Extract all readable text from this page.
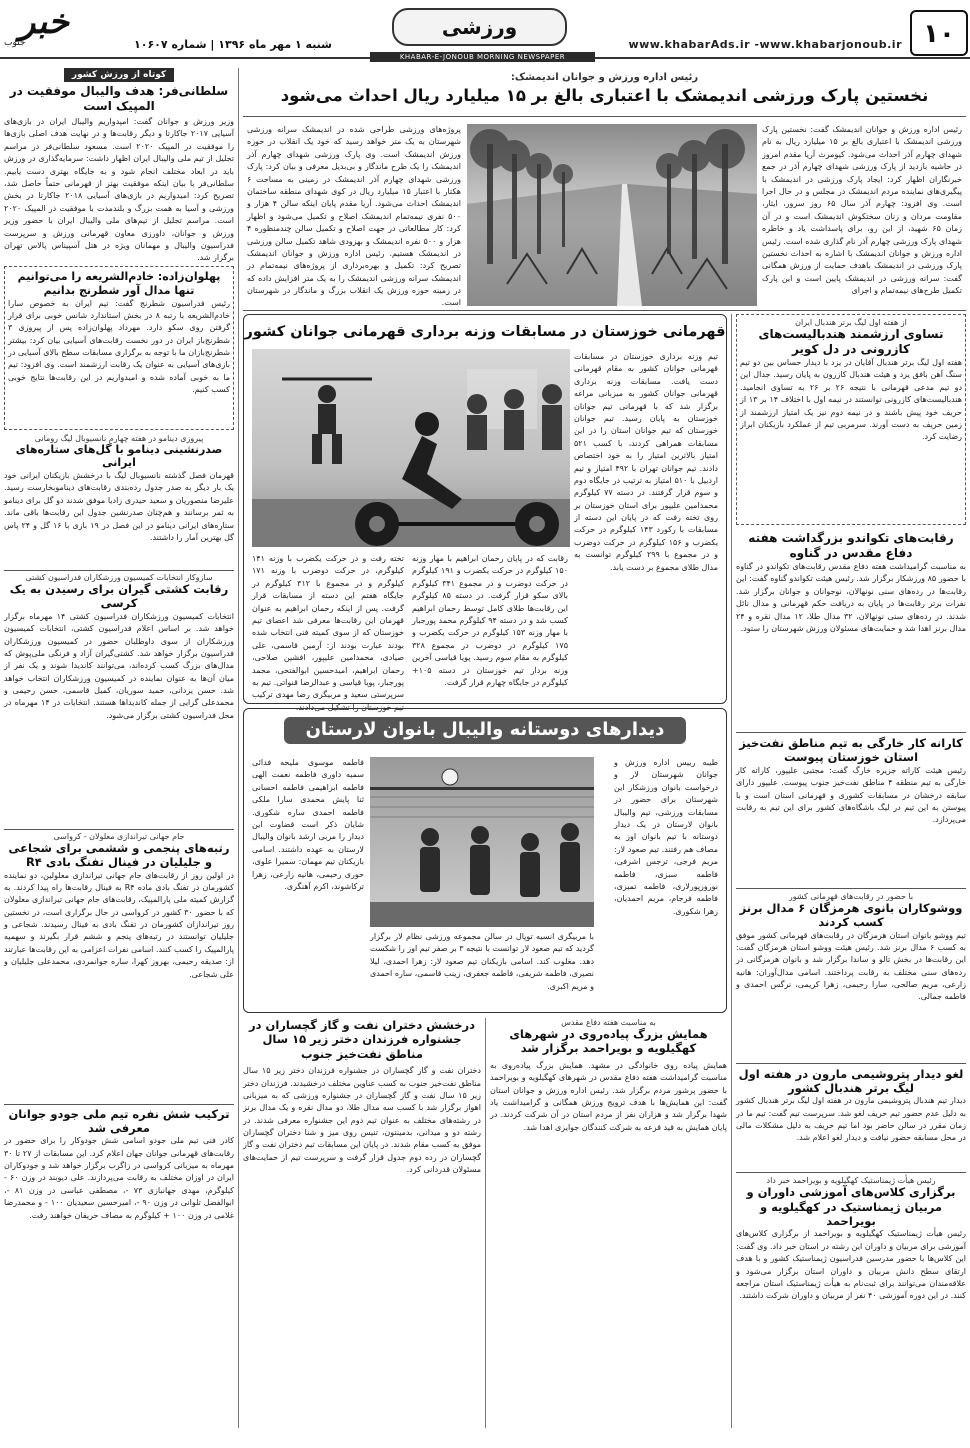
۱۰
www.khabarAds.ir -www.khabarjonoub.ir
ورزشی
خبر
جنوب	شنبه ۱ مهر ماه ۱۳۹۶ | شماره ۱۰۶۰۷
KHABAR-E-JONOUB MORNING NEWSPAPER
رئیس اداره ورزش و جوانان اندیمشک:
نخستین پارک ورزشی اندیمشک با اعتباری بالغ بر ۱۵ میلیارد ریال احداث می‌شود
رئیس اداره ورزش و جوانان اندیمشک گفت: نخستین پارک ورزشی اندیمشک با اعتباری بالغ بر ۱۵ میلیارد ریال به نام شهدای چهارم آذر احداث می‌شود. کیومرث آریا مقدم امروز در حاشیه بازدید از پارک ورزشی شهدای چهارم آذر در جمع خبرنگاران اظهار کرد: ایجاد پارک ورزشی در اندیمشک با پیگیری‌های نماینده مردم اندیمشک در مجلس و در حال اجرا است. وی افزود: چهارم آذر سال ۶۵ روز سرور، ایثار، مقاومت مردان و زنان سختکوش اندیمشک است و در آن زمان ۶۵ شهید، از این رو، برای پاسداشت یاد و خاطره شهدای پارک ورزشی چهارم آذر نام گذاری شده است. رئیس اداره ورزش و جوانان اندیمشک با اشاره به احداث نخستین پارک ورزشی در اندیمشک باهدف حمایت از ورزش همگانی گفت: سرانه ورزشی در اندیمشک پایین است و این پارک تکمیل طرح‌های نیمه‌تمام و اجرای
پروژه‌های ورزشی طراحی شده در اندیمشک سرانه ورزشی شهرستان به یک متر خواهد رسید که خود یک انقلاب در حوزه ورزش اندیمشک است. وی پارک ورزشی شهدای چهارم آذر اندیمشک را یک طرح ماندگار و بی‌بدیل معرفی و بیان کرد: پارک ورزشی شهدای چهارم آذر اندیمشک در زمینی به مساحت ۶ هکتار با اعتبار ۱۵ میلیارد ریال در کوی شهدای منطقه ساختمان اندیمشک احداث می‌شود. آریا مقدم پایان اینکه سالن ۴ هزار و ۵۰۰ نفری نیمه‌تمام اندیمشک اصلاح و تکمیل می‌شود و اظهار کرد: کار مطالعاتی در جهت اصلاح و تکمیل سالن چندمنظوره ۴ هزار و ۵۰۰ نفره اندیمشک و بهزودی شاهد تکمیل سالن ورزشی در اندیمشک هستیم. رئیس اداره ورزش و جوانان اندیمشک تصریح کرد: تکمیل و بهره‌برداری از پروژه‌های نیمه‌تمام در اندیمشک سرانه ورزشی اندیمشک را به یک متر افزایش داده که در زمینه حوزه ورزش یک انقلاب بزرگ و ماندگار در شهرستان است.
کوتاه از ورزش کشور
سلطانی‌فر: هدف والیبال موفقیت در المپیک است
وزیر ورزش و جوانان گفت: امپدواریم والیبال ایران در بازی‌های آسیایی ۲۰۱۷ جاکارتا و دیگر رقابت‌ها و در نهایت هدف اصلی بازی‌ها را موفقیت در المپیک ۲۰۲۰ است. مسعود سلطانی‌فر در مراسم تجلیل از تیم ملی والیبال ایران اظهار داشت: سرمایه‌گذاری در ورزش باید در ابعاد مختلف انجام شود و به جایگاه بهتری دست یابیم. سلطانی‌فر با بیان اینکه موفقیت بهتر از قهرمانی حتماً حاصل شد، تصریح کرد: امیدواریم در بازی‌های آسیایی ۲۰۱۸ جاکارتا در بخش ورزشی و آسیا به همت بزرگ و بلندمدت با موفقیت در المپیک ۲۰۲۰ است. مراسم تجلیل از تیم‌های ملی والیبال ایران با حضور وزیر ورزش و جوانان، داورزی معاون قهرمانی ورزش و سرپرست فدراسیون والیبال و مهمانان ویژه در هتل آسپیناس پالاس تهران برگزار شد.
پهلوان‌زاده: خادم‌الشریعه را می‌توانیم تنها مدال آور شطرنج بدانیم
رئیس فدراسیون شطرنج گفت: تیم ایران به خصوص سارا خادم‌الشریعه با رتبه ۸ در بخش استاندارد شانس خوبی برای قرار گرفتن روی سکو دارد. مهرداد پهلوان‌زاده پس از پیروزی ۳ شطرنج‌باز ایران در دور نخست رقابت‌های آسیایی بیان کرد: بیشتر شطرنج‌بازان ما با توجه به برگزاری مسابقات سطح بالای آسیایی در بازی‌های آسیایی به عنوان یک رقابت ارزشمند است. وی افزود: تیم ما به خوبی آماده شده و امیدواریم در این رقابت‌ها نتایج خوبی کسب کنیم.
پیروزی دینامو در هفته چهارم نانسیوبال لیگ رومانی
صدرنشینی دینامو با گل‌های ستاره‌های ایرانی
قهرمان فصل گذشته نانسیوبال لیگ با درخشش بازیکنان ایرانی خود یک بار دیگر به صدر جدول رده‌بندی رقابت‌های دیناموبخارست رسید. علیرضا منصوریان و سعید حیدری زادیا موفق شدند دو گل برای دینامو به ثمر برسانند و هم‌چنان صدرنشین جدول این رقابت‌ها باقی ماند. ستاره‌های ایرانی دینامو در این فصل در ۱۹ بازی با ۱۶ گل و ۲۴ پاس گل بهترین آمار را داشتند.
سازوکار انتخابات کمیسیون ورزشکاران فدراسیون کشتی
رقابت کشتی گیران برای رسیدن به یک کرسی
انتخابات کمیسیون ورزشکاران فدراسیون کشتی ۱۴ مهرماه برگزار خواهد شد. بر اساس اعلام فدراسیون کشتی، انتخابات کمیسیون ورزشکاران از سوی داوطلبان حضور در کمیسیون ورزشکاران فدراسیون برگزار خواهد شد. کشتی‌گیران آزاد و فرنگی ملی‌پوش که مدال‌های بزرگ کسب کرده‌اند، می‌توانند کاندیدا شوند و یک نفر از میان آن‌ها به عنوان نماینده در کمیسیون ورزشکاران انتخاب خواهد شد. حسن یزدانی، حمید سوریان، کمیل قاسمی، حسن رحیمی و محمدعلی گرایی از جمله کاندیداها هستند. انتخابات در ۱۴ مهرماه در محل فدراسیون کشتی برگزار می‌شود.
جام جهانی تیراندازی معلولان - کرواسی
رتبه‌های پنجمی و ششمی برای شجاعی و جلیلیان در فینال تفنگ بادی R۴
در اولین روز از رقابت‌های جام جهانی تیراندازی معلولین، دو نماینده کشورمان در تفنگ بادی ماده R۴ به فینال رقابت‌ها راه پیدا کردند. به گزارش کمیته ملی پارالمپیک، رقابت‌های جام جهانی تیراندازی معلولان که با حضور ۳۰ کشور در کرواسی در حال برگزاری است، در نخستین روز تیراندازان کشورمان در تفنگ بادی به فینال رسیدند. شجاعی و جلیلیان توانستند در رتبه‌های پنجم و ششم قرار بگیرند و سهمیه پارالمپیک را کسب کنند. اسامی نفرات اعزامی به این رقابت‌ها عبارتند از: صدیقه رحیمی، بهروز کهرا، ساره جوانمردی، محمدعلی جلیلیان و علی شجاعی.
ترکیب شش نفره تیم ملی جودو جوانان معرفی شد
کادر فنی تیم ملی جودو اسامی شش جودوکار را برای حضور در رقابت‌های قهرمانی جوانان جهان اعلام کرد. این مسابقات از ۲۷ تا ۳۰ مهرماه به میزبانی کرواسی در زاگرب برگزار خواهد شد و جودوکاران ایران در اوزان مختلف به رقابت می‌پردازند. علی دیوبند در وزن ۶۰ - کیلوگرم، مهدی جهانبازی ۷۳ -، مصطفی عباسی در وزن ۸۱ -، ابوالفضل تلوانی در وزن ۹۰ -، امیرحسین سعیدیان ۱۰۰ - و محمدرضا غلامی در وزن ۱۰۰ + کیلوگرم به مصاف حریفان خواهند رفت.
قهرمانی خوزستان در مسابقات وزنه برداری قهرمانی جوانان کشور
تیم وزنه برداری خوزستان در مسابقات قهرمانی جوانان کشور به مقام قهرمانی دست یافت. مسابقات وزنه برداری قهرمانی جوانان کشور به میزبانی مراغه برگزار شد که با قهرمانی تیم جوانان خوزستان به پایان رسید. تیم جوانان خوزستان که تیم جوانان استان را در این مسابقات همراهی کردند، با کسب ۵۲۱ امتیاز بالاترین امتیاز را به خود اختصاص دادند. تیم جوانان تهران با ۴۹۲ امتیاز و تیم اردبیل با ۵۱۰ امتیاز به ترتیب در جایگاه دوم و سوم قرار گرفتند. در دسته ۷۷ کیلوگرم محمدامین علیپور برای استان خوزستان بر روی تخته رفت که در پایان این دسته از مسابقات با رکورد ۱۴۳ کیلوگرم در حرکت یکضرب و ۱۵۶ کیلوگرم در حرکت دوضرب و در مجموع با ۲۹۹ کیلوگرم توانست به مدال طلای مجموع بر دست یابد.
رقابت که در پایان رحمان ابراهیم با مهار وزنه ۱۵۰ کیلوگرم در حرکت یکضرب و ۱۹۱ کیلوگرم در حرکت دوضرب و در مجموع ۳۴۱ کیلوگرم بالای سکو قرار گرفت. در دسته ۸۵ کیلوگرم این رقابت‌ها طلای کامل توسط رحمان ابراهیم کسب شد و در دسته ۹۴ کیلوگرم محمد پورجبار با مهار وزنه ۱۵۳ کیلوگرم در حرکت یکضرب و ۱۷۵ کیلوگرم در دوضرب در مجموع ۳۲۸ کیلوگرم به مقام سوم رسید. پویا قیاسی آخرین وزنه بردار تیم خوزستان در دسته ۱۰۵+ کیلوگرم در جایگاه چهارم قرار گرفت.
تخته رفت و در حرکت یکضرب با وزنه ۱۴۱ کیلوگرم، در حرکت دوضرب با وزنه ۱۷۱ کیلوگرم و در مجموع با ۳۱۲ کیلوگرم در جایگاه هفتم این دسته از مسابقات قرار گرفت. پس از اینکه رحمان ابراهیم به عنوان قهرمان این رقابت‌ها معرفی شد اعضای تیم خوزستان که از سوی کمیته فنی انتخاب شده بودند عبارت بودند از: آرمین قاسمی، علی صیادی، محمدامین علیپور، افشین صلاحی، رحمان ابراهیم، امیدحسین ابوالفتحی، محمد پورجبار، پویا قیاسی و عبدالرضا قنواتی. تیم به سرپرستی سعید و مربیگری رضا مهدی ترکیب تیم خوزستان را تشکیل می‌دادند.
دیدارهای دوستانه والیبال بانوان لارستان
طیبه رییس اداره ورزش و جوانان شهرستان لار و درخواست بانوان ورزشکار این شهرستان برای حضور در مسابقات ورزشی، تیم والیبال بانوان لارستان در یک دیدار دوستانه با تیم بانوان اوز به مصاف هم رفتند. تیم صعود لار: مریم فرجی، ترجس اشرفی، فاطمه سبزی، فاطمه نوروزپورلاری، فاطمه تمیزی، فاطمه فرجام، مریم احمدیان، زهرا شکوری.
با مربیگری انسیه توپال در سالن مجموعه ورزشی نظام لار برگزار گردید که تیم صعود لار توانست با نتیجه ۳ بر صفر تیم اوز را شکست دهد. مغلوب کند. اسامی بازیکنان تیم صعود لار: زهرا احمدی، لیلا نصیری، فاطمه شریفی، فاطمه جعفری، زینب قاسمی، ساره احمدی و مریم اکبری.
فاطمه موسوی ملیحه فدائی سمیه داوری فاطمه نعمت الهی فاطمه ابراهیمی فاطمه احسانی ثنا پایش محمدی سارا ملکی فاطمه احمدی ساره شکوری. شایان ذکر است قضاوت این دیدار را مربی ارشد بانوان والیبال لارستان به عهده داشتند. اسامی بازیکنان تیم مهمان: سمیرا علوی، حوری رحیمی، هانیه زارعی، زهرا ترکاشوند، اکرم آهنگری.
درخشش دختران نفت و گاز گچساران در جشنواره فرزندان دختر زیر ۱۵ سال مناطق نفت‌خیز جنوب
دختران نفت و گاز گچساران در جشنواره فرزندان دختر زیر ۱۵ سال مناطق نفت‌خیز جنوب به کسب عناوین مختلف درخشیدند. فرزندان دختر زیر ۱۵ سال نفت و گاز گچساران در جشنواره ورزشی که به میزبانی اهواز برگزار شد با کسب سه مدال طلا، دو مدال نقره و یک مدال برنز در رشته‌های مختلف به عنوان تیم دوم این جشنواره معرفی شدند. در رشته دو و میدانی، بدمینتون، تنیس روی میز و شنا دختران گچساران موفق به کسب مقام شدند. در پایان این مسابقات تیم دختران نفت و گاز گچساران در رده دوم جدول قرار گرفت و سرپرست تیم از حمایت‌های مسئولان قدردانی کرد.
به مناسبت هفته دفاع مقدس
همایش بزرگ پیاده‌روی در شهرهای کهگیلویه و بویراحمد برگزار شد
همایش پیاده روی خانوادگی در مشهد. همایش بزرگ پیاده‌روی به مناسبت گرامیداشت هفته دفاع مقدس در شهرهای کهگیلویه و بویراحمد با حضور پرشور مردم برگزار شد. رئیس اداره ورزش و جوانان استان گفت: این همایش‌ها با هدف ترویج ورزش همگانی و گرامیداشت یاد شهدا برگزار شد و هزاران نفر از مردم استان در آن شرکت کردند. در پایان همایش به قید قرعه به شرکت کنندگان جوایزی اهدا شد.
از هفته اول لیگ برتر هندبال ایران
تساوی ارزشمند هندبالیست‌های کازرونی در دل کویر
هفته اول لیگ برتر هندبال آقایان در یزد با دیدار حساس بین دو تیم سنگ آهن بافق یزد و هیئت هندبال کازرون به پایان رسید. جدال این دو تیم مدعی قهرمانی با نتیجه ۲۶ بر ۲۶ به تساوی انجامید. هندبالیست‌های کازرونی توانستند در نیمه اول با اختلاف ۱۴ بر ۱۳ از حریف خود پیش باشند و در نیمه دوم نیز یک امتیاز ارزشمند از زمین حریف به دست آورند. سرمربی تیم از عملکرد بازیکنان ابراز رضایت کرد.
رقابت‌های تکواندو بزرگداشت هفته دفاع مقدس در گناوه
به مناسبت گرامیداشت هفته دفاع مقدس رقابت‌های تکواندو در گناوه با حضور ۸۵ ورزشکار برگزار شد. رئیس هیئت تکواندو گناوه گفت: این رقابت‌ها در رده‌های سنی نونهالان، نوجوانان و جوانان برگزار شد. نفرات برتر رقابت‌ها در پایان به دریافت حکم قهرمانی و مدال نائل شدند. در رده‌های سنی نونهالان، ۳۲ مدال طلا، ۱۲ مدال نقره و ۲۴ مدال برنز اهدا شد و حمایت‌های مسئولان ورزش شهرستان را ستود.
کارانه کار خارگی به تیم مناطق نفت‌خیز استان خوزستان پیوست
رئیس هیئت کاراته جزیره خارگ گفت: مجتبی علیپور، کاراته کار خارگی به تیم منطقه ۴ مناطق نفت‌خیز جنوب پیوست. علیپور دارای سابقه درخشان در مسابقات کشوری و قهرمانی استان است و با پیوستن به این تیم در لیگ باشگاه‌های کشور برای این تیم به رقابت می‌پردازد.
با حضور در رقابت‌های قهرمانی کشور
ووشوکاران بانوی هرمزگان ۶ مدال برنز کسب کردند
تیم ووشو بانوان استان هرمزگان در رقابت‌های قهرمانی کشور موفق به کسب ۶ مدال برنز شد. رئیس هیئت ووشو استان هرمزگان گفت: این رقابت‌ها در بخش تالو و ساندا برگزار شد و بانوان هرمزگانی در رده‌های سنی مختلف به رقابت پرداختند. اسامی مدال‌آوران: هانیه زارعی، مریم صالحی، سارا رحیمی، زهرا کریمی، نرگس احمدی و فاطمه جمالی.
لغو دیدار پتروشیمی مارون در هفته اول لیگ برتر هندبال کشور
دیدار تیم هندبال پتروشیمی مارون در هفته اول لیگ برتر هندبال کشور به دلیل عدم حضور تیم حریف لغو شد. سرپرست تیم گفت: تیم ما در زمان مقرر در سالن حاضر بود اما تیم حریف به دلیل مشکلات مالی در محل مسابقه حضور نیافت و دیدار لغو اعلام شد.
رئیس هیأت ژیمناستیک کهگیلویه و بویراحمد خبر داد
برگزاری کلاس‌های آموزشی داوران و مربیان ژیمناستیک در کهگیلویه و بویراحمد
رئیس هیأت ژیمناستیک کهگیلویه و بویراحمد از برگزاری کلاس‌های آموزشی برای مربیان و داوران این رشته در استان خبر داد. وی گفت: این کلاس‌ها با حضور مدرسین فدراسیون ژیمناستیک کشور و با هدف ارتقای سطح دانش مربیان و داوران استان برگزار می‌شود و علاقه‌مندان می‌توانند برای ثبت‌نام به هیأت ژیمناستیک استان مراجعه کنند. در این دوره آموزشی ۴۰ نفر از مربیان و داوران شرکت داشتند.
